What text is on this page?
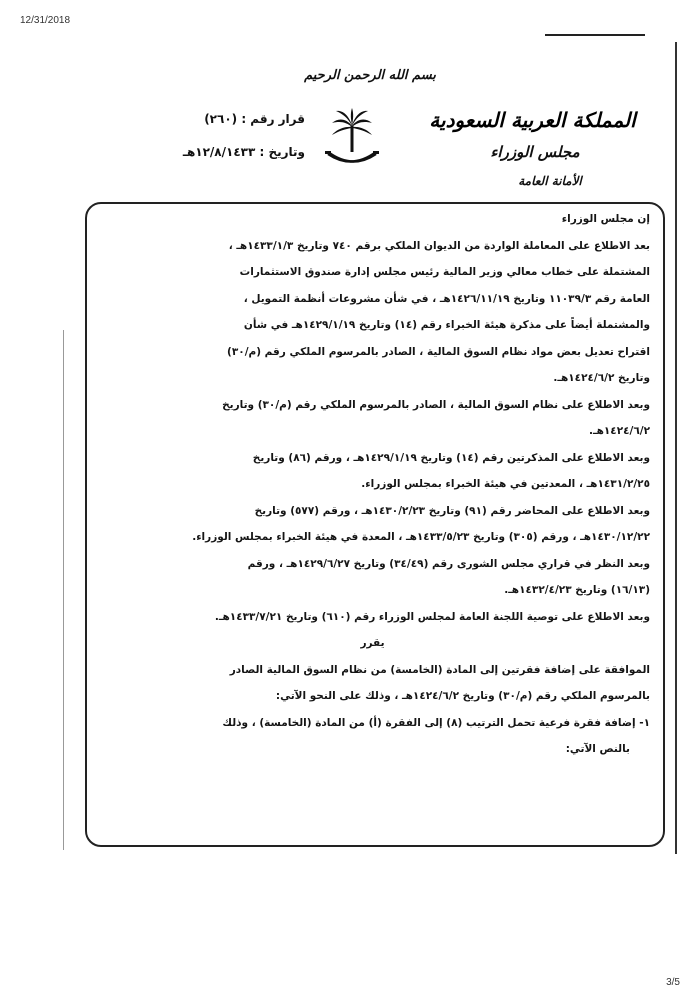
12/31/2018
بسم الله الرحمن الرحيم
المملكة العربية السعودية
مجلس الوزراء
الأمانة العامة
قرار رقم : (٢٦٠)
وتاريخ : ١٢/٨/١٤٣٣هـ

إن مجلس الوزراء

بعد الاطلاع على المعاملة الواردة من الديوان الملكي برقم ٧٤٠ وتاريخ ١٤٣٣/١/٣هـ ،

المشتملة على خطاب معالي وزير المالية رئيس مجلس إدارة صندوق الاستثمارات

العامة رقم ١١٠٣٩/٣ وتاريخ ١٤٢٦/١١/١٩هـ ، في شأن مشروعات أنظمة التمويل ،

والمشتملة أيضاً على مذكرة هيئة الخبراء رقم (١٤) وتاريخ ١٤٢٩/١/١٩هـ في شأن

اقتراح تعديل بعض مواد نظام السوق المالية ، الصادر بالمرسوم الملكي رقم (م/٣٠)

وتاريخ ١٤٢٤/٦/٢هـ.

وبعد الاطلاع على نظام السوق المالية ، الصادر بالمرسوم الملكي رقم (م/٣٠) وتاريخ

١٤٢٤/٦/٢هـ.

وبعد الاطلاع على المذكرتين رقم (١٤) وتاريخ ١٤٢٩/١/١٩هـ ، ورقم (٨٦) وتاريخ

١٤٣١/٢/٢٥هـ ، المعدتين في هيئة الخبراء بمجلس الوزراء.

وبعد الاطلاع على المحاضر رقم (٩١) وتاريخ ١٤٣٠/٢/٢٣هـ ، ورقم (٥٧٧) وتاريخ

١٤٣٠/١٢/٢٢هـ ، ورقم (٣٠٥) وتاريخ ١٤٣٣/٥/٢٣هـ ، المعدة في هيئة الخبراء بمجلس الوزراء.

وبعد النظر في قراري مجلس الشورى رقم (٣٤/٤٩) وتاريخ ١٤٢٩/٦/٢٧هـ ، ورقم

(١٦/١٣) وتاريخ ١٤٣٢/٤/٢٣هـ.

وبعد الاطلاع على توصية اللجنة العامة لمجلس الوزراء رقم (٦١٠) وتاريخ ١٤٣٣/٧/٢١هـ.

يقرر

الموافقة على إضافة فقرتين إلى المادة (الخامسة) من نظام السوق المالية الصادر

بالمرسوم الملكي رقم (م/٣٠) وتاريخ ١٤٢٤/٦/٢هـ ، وذلك على النحو الآتي:

١- إضافة فقرة فرعية تحمل الترتيب (٨) إلى الفقرة (أ) من المادة (الخامسة) ، وذلك

بالنص الآتي:

3/5
